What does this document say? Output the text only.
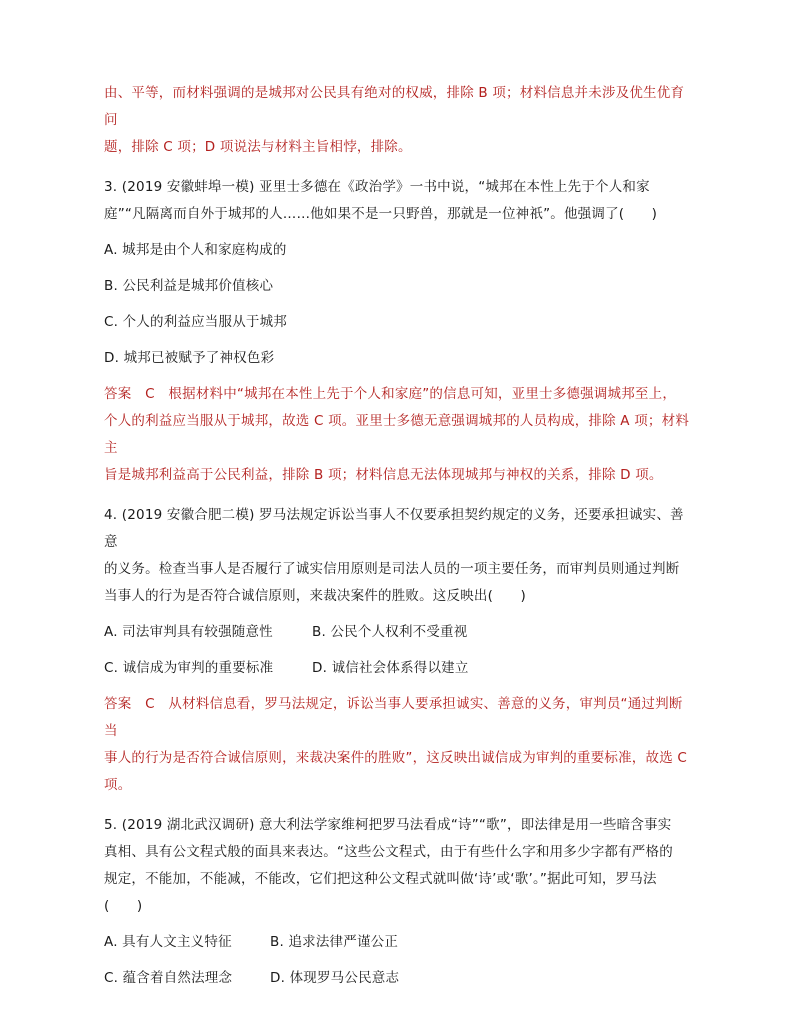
由、平等，而材料强调的是城邦对公民具有绝对的权威，排除 B 项；材料信息并未涉及优生优育问
题，排除 C 项；D 项说法与材料主旨相悖，排除。
3. (2019 安徽蚌埠一模) 亚里士多德在《政治学》一书中说，“城邦在本性上先于个人和家
庭”“凡隔离而自外于城邦的人……他如果不是一只野兽，那就是一位神祇”。他强调了(　　)
A. 城邦是由个人和家庭构成的
B. 公民利益是城邦价值核心
C. 个人的利益应当服从于城邦
D. 城邦已被赋予了神权色彩
答案　C　根据材料中“城邦在本性上先于个人和家庭”的信息可知，亚里士多德强调城邦至上，
个人的利益应当服从于城邦，故选 C 项。亚里士多德无意强调城邦的人员构成，排除 A 项；材料主
旨是城邦利益高于公民利益，排除 B 项；材料信息无法体现城邦与神权的关系，排除 D 项。
4. (2019 安徽合肥二模) 罗马法规定诉讼当事人不仅要承担契约规定的义务，还要承担诚实、善意
的义务。检查当事人是否履行了诚实信用原则是司法人员的一项主要任务，而审判员则通过判断
当事人的行为是否符合诚信原则，来裁决案件的胜败。这反映出(　　)
A. 司法审判具有较强随意性	B. 公民个人权利不受重视
C. 诚信成为审判的重要标准	D. 诚信社会体系得以建立
答案　C　从材料信息看，罗马法规定，诉讼当事人要承担诚实、善意的义务，审判员“通过判断当
事人的行为是否符合诚信原则，来裁决案件的胜败”，这反映出诚信成为审判的重要标准，故选 C
项。
5. (2019 湖北武汉调研) 意大利法学家维柯把罗马法看成“诗”“歌”，即法律是用一些暗含事实
真相、具有公文程式般的面具来表达。“这些公文程式，由于有些什么字和用多少字都有严格的
规定，不能加，不能减，不能改，它们把这种公文程式就叫做‘诗’或‘歌’。”据此可知，罗马法
(　　)
A. 具有人文主义特征	B. 追求法律严谨公正
C. 蕴含着自然法理念	D. 体现罗马公民意志
